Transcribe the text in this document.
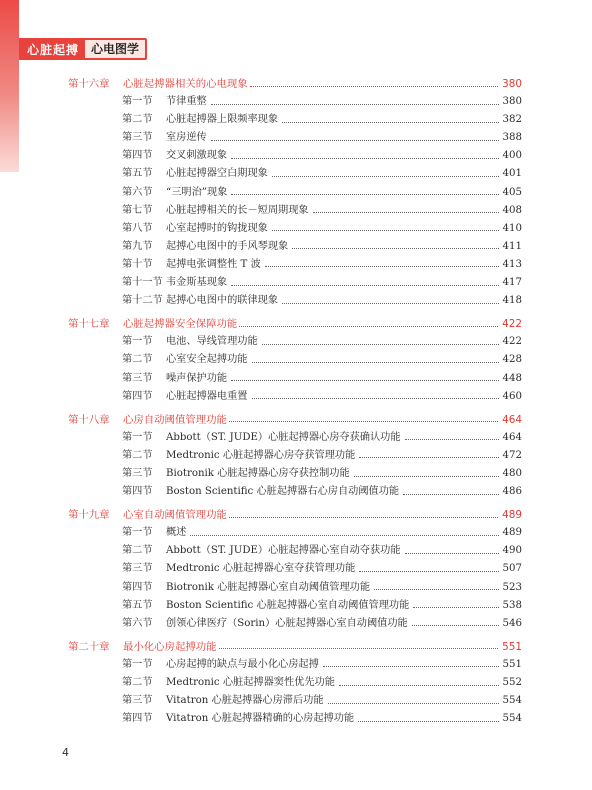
心脏起搏	心电图学
第十六章	心脏起搏器相关的心电现象	380
第一节	节律重整	380
第二节	心脏起搏器上限频率现象	382
第三节	室房逆传	388
第四节	交叉刺激现象	400
第五节	心脏起搏器空白期现象	401
第六节	“三明治”现象	405
第七节	心脏起搏相关的长－短周期现象	408
第八节	心室起搏时的钩拢现象	410
第九节	起搏心电图中的手风琴现象	411
第十节	起搏电张调整性 T 波	413
第十一节 韦金斯基现象	417
第十二节 起搏心电图中的联律现象	418
第十七章	心脏起搏器安全保障功能	422
第一节	电池、导线管理功能	422
第二节	心室安全起搏功能	428
第三节	噪声保护功能	448
第四节	心脏起搏器电重置	460
第十八章	心房自动阈值管理功能	464
第一节	Abbott（ST. JUDE）心脏起搏器心房夺获确认功能	464
第二节	Medtronic 心脏起搏器心房夺获管理功能	472
第三节	Biotronik 心脏起搏器心房夺获控制功能	480
第四节	Boston Scientific 心脏起搏器右心房自动阈值功能	486
第十九章	心室自动阈值管理功能	489
第一节	概述	489
第二节	Abbott（ST. JUDE）心脏起搏器心室自动夺获功能	490
第三节	Medtronic 心脏起搏器心室夺获管理功能	507
第四节	Biotronik 心脏起搏器心室自动阈值管理功能	523
第五节	Boston Scientific 心脏起搏器心室自动阈值管理功能	538
第六节	创领心律医疗（Sorin）心脏起搏器心室自动阈值功能	546
第二十章	最小化心房起搏功能	551
第一节	心房起搏的缺点与最小化心房起搏	551
第二节	Medtronic 心脏起搏器窦性优先功能	552
第三节	Vitatron 心脏起搏器心房滞后功能	554
第四节	Vitatron 心脏起搏器精确的心房起搏功能	554
4
